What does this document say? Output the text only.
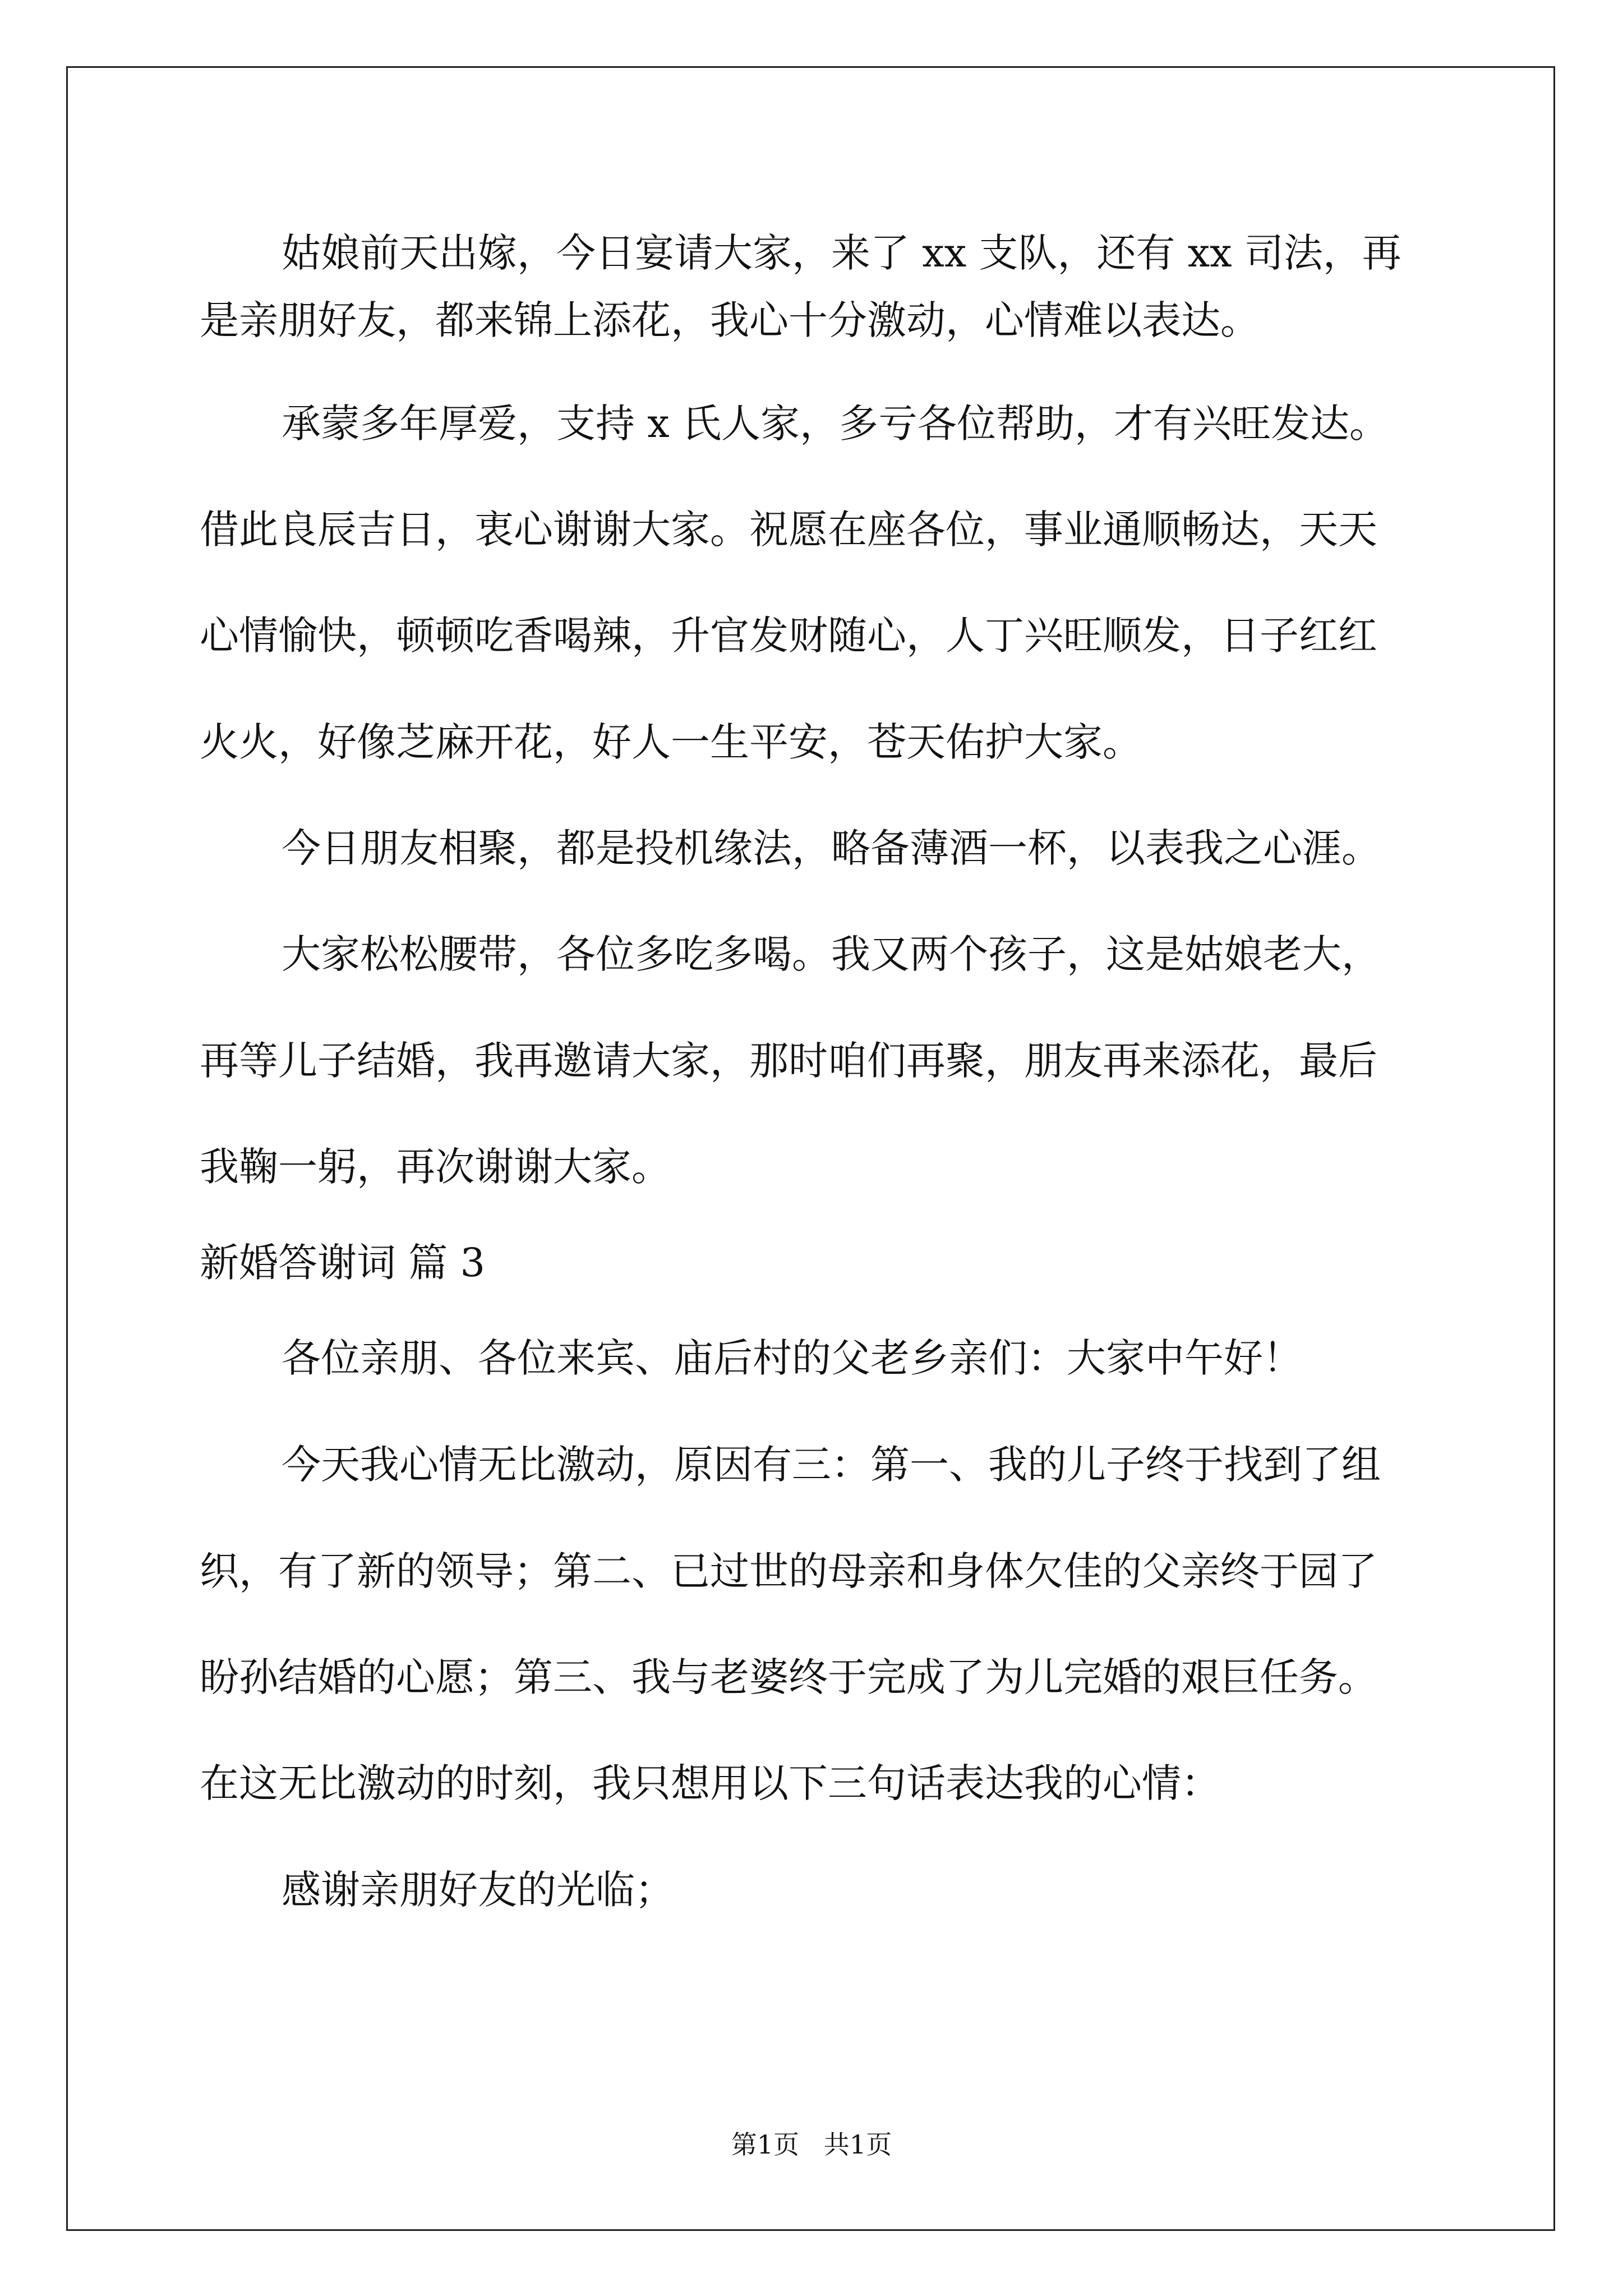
姑娘前天出嫁，今日宴请大家，来了 xx 支队，还有 xx 司法，再
是亲朋好友，都来锦上添花，我心十分激动，心情难以表达。
承蒙多年厚爱，支持 x 氏人家，多亏各位帮助，才有兴旺发达。
借此良辰吉日，衷心谢谢大家。祝愿在座各位，事业通顺畅达，天天
心情愉快，顿顿吃香喝辣，升官发财随心，人丁兴旺顺发，日子红红
火火，好像芝麻开花，好人一生平安，苍天佑护大家。
今日朋友相聚，都是投机缘法，略备薄酒一杯，以表我之心涯。
大家松松腰带，各位多吃多喝。我又两个孩子，这是姑娘老大，
再等儿子结婚，我再邀请大家，那时咱们再聚，朋友再来添花，最后
我鞠一躬，再次谢谢大家。
新婚答谢词 篇 3
各位亲朋、各位来宾、庙后村的父老乡亲们：大家中午好！
今天我心情无比激动，原因有三：第一、我的儿子终于找到了组
织，有了新的领导；第二、已过世的母亲和身体欠佳的父亲终于园了
盼孙结婚的心愿；第三、我与老婆终于完成了为儿完婚的艰巨任务。
在这无比激动的时刻，我只想用以下三句话表达我的心情：
感谢亲朋好友的光临；
第1页   共1页
